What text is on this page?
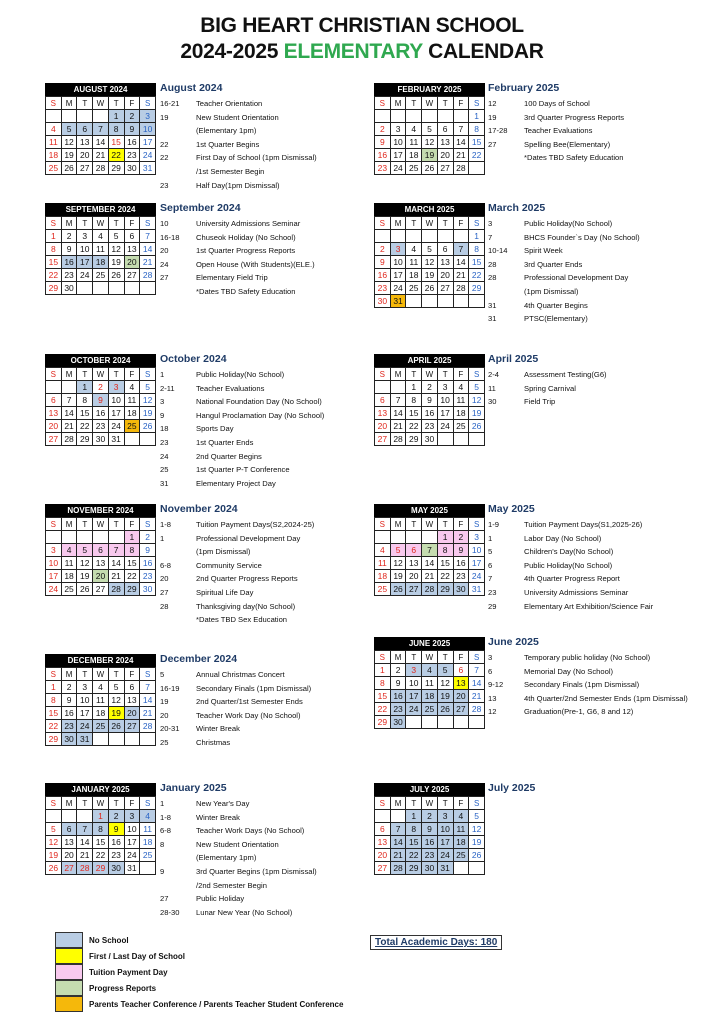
BIG HEART CHRISTIAN SCHOOL
2024-2025 ELEMENTARY CALENDAR
AUGUST 2024
S	M	T	W	T	F	S
				1	2	3
4	5	6	7	8	9	10
11	12	13	14	15	16	17
18	19	20	21	22	23	24
25	26	27	28	29	30	31
August 2024
16-21	Teacher Orientation
19	New Student Orientation
(Elementary 1pm)
22	1st Quarter Begins
22	First Day of School (1pm Dismissal)
/1st Semester Begin
23	Half Day(1pm Dismissal)
SEPTEMBER 2024
S	M	T	W	T	F	S
1	2	3	4	5	6	7
8	9	10	11	12	13	14
15	16	17	18	19	20	21
22	23	24	25	26	27	28
29	30					
September 2024
10	University Admissions Seminar
16-18	Chuseok Holiday (No School)
20	1st Quarter Progress Reports
24	Open House (With Students)(ELE.)
27	Elementary Field Trip
*Dates TBD Safety Education
OCTOBER 2024
S	M	T	W	T	F	S
		1	2	3	4	5
6	7	8	9	10	11	12
13	14	15	16	17	18	19
20	21	22	23	24	25	26
27	28	29	30	31		
October 2024
1	Public Holiday(No School)
2-11	Teacher Evaluations
3	National Foundation Day (No School)
9	Hangul Proclamation Day (No School)
18	Sports Day
23	1st Quarter Ends
24	2nd Quarter Begins
25	1st Quarter P-T Conference
31	Elementary Project Day
NOVEMBER 2024
S	M	T	W	T	F	S
					1	2
3	4	5	6	7	8	9
10	11	12	13	14	15	16
17	18	19	20	21	22	23
24	25	26	27	28	29	30
November 2024
1-8	Tuition Payment Days(S2,2024-25)
1	Professional Development Day
(1pm Dismissal)
6-8	Community Service
20	2nd Quarter Progress Reports
27	Spiritual Life Day
28	Thanksgiving day(No School)
*Dates TBD Sex Education
DECEMBER 2024
S	M	T	W	T	F	S
1	2	3	4	5	6	7
8	9	10	11	12	13	14
15	16	17	18	19	20	21
22	23	24	25	26	27	28
29	30	31				
December 2024
5	Annual Christmas Concert
16-19	Secondary Finals (1pm Dismissal)
19	2nd Quarter/1st Semester Ends
20	Teacher Work Day (No School)
20-31	Winter Break
25	Christmas
JANUARY 2025
S	M	T	W	T	F	S
			1	2	3	4
5	6	7	8	9	10	11
12	13	14	15	16	17	18
19	20	21	22	23	24	25
26	27	28	29	30	31	
January 2025
1	New Year's Day
1-8	Winter Break
6-8	Teacher Work Days (No School)
8	New Student Orientation
(Elementary 1pm)
9	3rd Quarter Begins (1pm Dismissal)
/2nd Semester Begin
27	Public Holiday
28-30	Lunar New Year (No School)
FEBRUARY 2025
S	M	T	W	T	F	S
						1
2	3	4	5	6	7	8
9	10	11	12	13	14	15
16	17	18	19	20	21	22
23	24	25	26	27	28	
February 2025
12	100 Days of School
19	3rd Quarter Progress Reports
17-28	Teacher Evaluations
27	Spelling Bee(Elementary)
*Dates TBD Safety Education
MARCH 2025
S	M	T	W	T	F	S
						1
2	3	4	5	6	7	8
9	10	11	12	13	14	15
16	17	18	19	20	21	22
23	24	25	26	27	28	29
30	31					
March 2025
3	Public Holiday(No School)
7	BHCS Founder`s Day (No School)
10-14	Spirit Week
28	3rd Quarter Ends
28	Professional Development Day
(1pm Dismissal)
31	4th Quarter Begins
31	PTSC(Elementary)
APRIL 2025
S	M	T	W	T	F	S
		1	2	3	4	5
6	7	8	9	10	11	12
13	14	15	16	17	18	19
20	21	22	23	24	25	26
27	28	29	30			
April 2025
2-4	Assessment Testing(G6)
11	Spring Carnival
30	Field Trip
MAY 2025
S	M	T	W	T	F	S
				1	2	3
4	5	6	7	8	9	10
11	12	13	14	15	16	17
18	19	20	21	22	23	24
25	26	27	28	29	30	31
May 2025
1-9	Tuition Payment Days(S1,2025-26)
1	Labor Day (No School)
5	Children's Day(No School)
6	Public Holiday(No School)
7	4th Quarter Progress Report
23	University Admissions Seminar
29	Elementary Art Exhibition/Science Fair
JUNE 2025
S	M	T	W	T	F	S
1	2	3	4	5	6	7
8	9	10	11	12	13	14
15	16	17	18	19	20	21
22	23	24	25	26	27	28
29	30					
June 2025
3	Temporary public holiday (No School)
6	Memorial Day (No School)
9-12	Secondary Finals (1pm Dismissal)
13	4th Quarter/2nd Semester Ends (1pm Dismissal)
12	Graduation(Pre-1, G6, 8 and 12)
JULY 2025
S	M	T	W	T	F	S
		1	2	3	4	5
6	7	8	9	10	11	12
13	14	15	16	17	18	19
20	21	22	23	24	25	26
27	28	29	30	31		
July 2025
No School
First / Last Day of School
Tuition Payment Day
Progress Reports
Parents Teacher Conference / Parents Teacher Student Conference
Total Academic Days: 180
